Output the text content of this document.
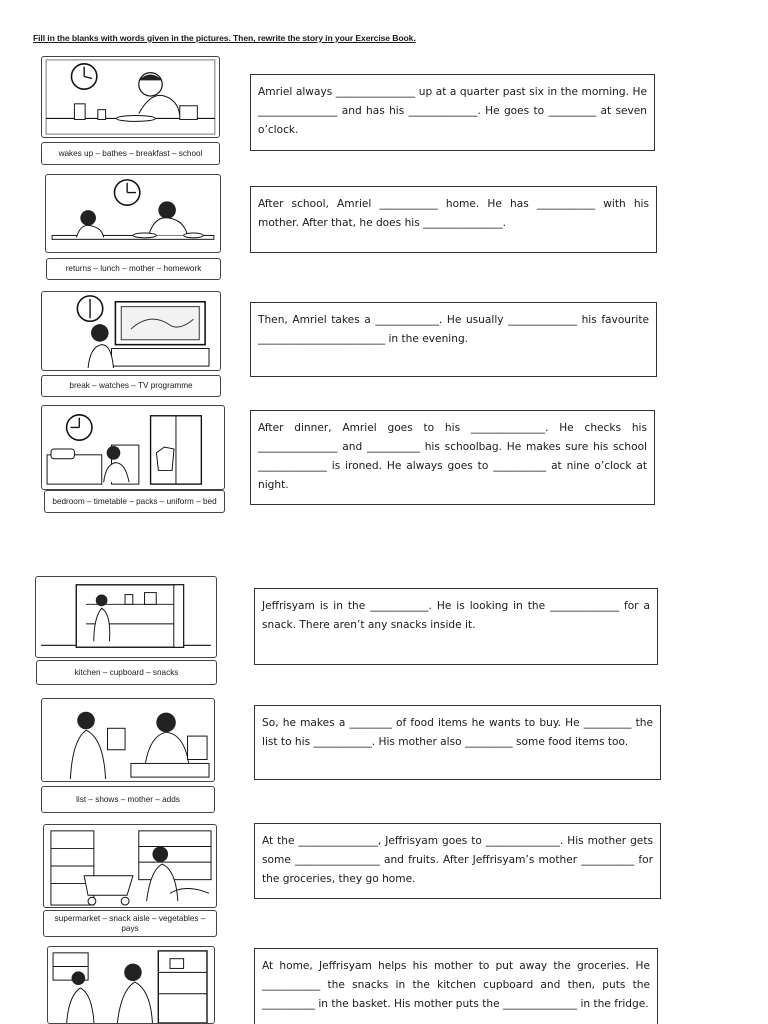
Fill in the blanks with words given in the pictures. Then, rewrite the story in your Exercise Book.
wakes up – bathes – breakfast – school
Amriel always _______________ up at a quarter past six in the morning. He _______________ and has his _____________. He goes to _________ at seven o’clock.
returns – lunch – mother – homework
After school, Amriel ___________ home. He has ___________ with his mother. After that, he does his _______________.
break – watches – TV programme
Then, Amriel takes a ____________. He usually _____________ his favourite ________________________ in the evening.
bedroom – timetable – packs – uniform – bed
After dinner, Amriel goes to his ______________. He checks his _______________ and __________ his schoolbag. He makes sure his school _____________ is ironed. He always goes to __________ at nine o’clock at night.
kitchen – cupboard – snacks
Jeffrisyam is in the ___________. He is looking in the _____________ for a snack. There aren’t any snacks inside it.
list – shows – mother – adds
So, he makes a ________ of food items he wants to buy. He _________ the list to his ___________. His mother also _________ some food items too.
supermarket – snack aisle – vegetables – pays
At the _______________, Jeffrisyam goes to ______________. His mother gets some ________________ and fruits. After Jeffrisyam’s mother __________ for the groceries, they go home.
At home, Jeffrisyam helps his mother to put away the groceries. He ___________ the snacks in the kitchen cupboard and then, puts the __________ in the basket. His mother puts the ______________ in the fridge.
